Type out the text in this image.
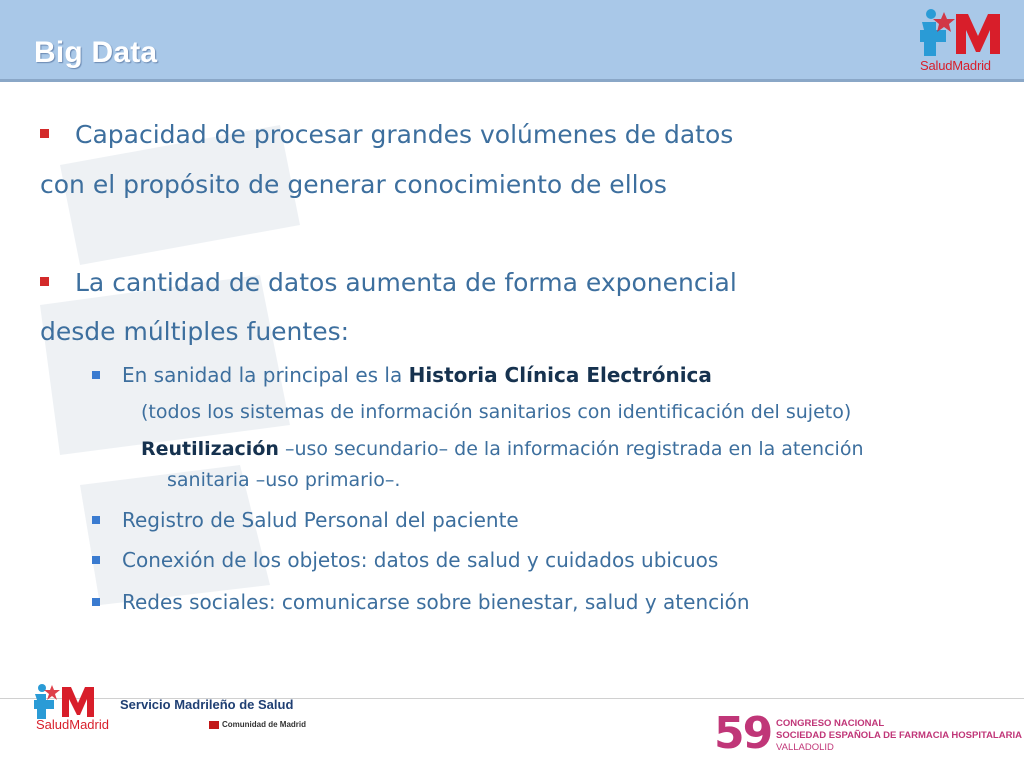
Big Data	SaludMadrid
Capacidad de procesar grandes volúmenes de datos
con el propósito de generar conocimiento de ellos
La cantidad de datos aumenta de forma exponencial
desde múltiples fuentes:
En sanidad la principal es la Historia Clínica Electrónica
(todos los sistemas de información sanitarios con identificación del sujeto)
Reutilización –uso secundario– de la información registrada en la atención
sanitaria –uso primario–.
Registro de Salud Personal del paciente
Conexión de los objetos: datos de salud y cuidados ubicuos
Redes sociales: comunicarse sobre bienestar, salud y atención
SaludMadrid
Servicio Madrileño de Salud
Comunidad de Madrid	59 CONGRESO NACIONAL
SOCIEDAD ESPAÑOLA DE FARMACIA HOSPITALARIA
VALLADOLID
